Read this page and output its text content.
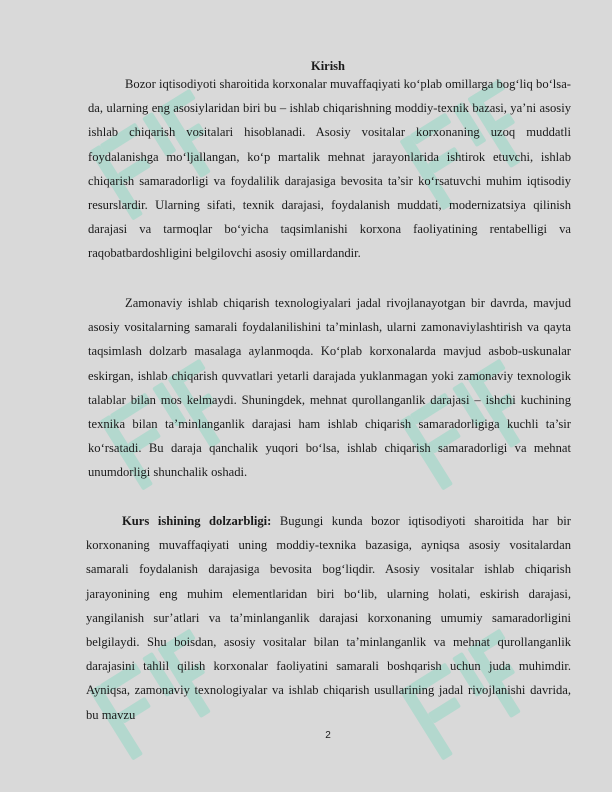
Kirish

Bozor iqtisodiyoti sharoitida korxonalar muvaffaqiyati ko‘plab omillarga bog‘liq bo‘lsa-da, ularning eng asosiylaridan biri bu – ishlab chiqarishning moddiy-texnik bazasi, ya’ni asosiy ishlab chiqarish vositalari hisoblanadi. Asosiy vositalar korxonaning uzoq muddatli foydalanishga mo‘ljallangan, ko‘p martalik mehnat jarayonlarida ishtirok etuvchi, ishlab chiqarish samaradorligi va foydalilik darajasiga bevosita ta’sir ko‘rsatuvchi muhim iqtisodiy resurslardir. Ularning sifati, texnik darajasi, foydalanish muddati, modernizatsiya qilinish darajasi va tarmoqlar bo‘yicha taqsimlanishi korxona faoliyatining rentabelligi va raqobatbardoshligini belgilovchi asosiy omillardandir.

Zamonaviy ishlab chiqarish texnologiyalari jadal rivojlanayotgan bir davrda, mavjud asosiy vositalarning samarali foydalanilishini ta’minlash, ularni zamonaviylashtirish va qayta taqsimlash dolzarb masalaga aylanmoqda. Ko‘plab korxonalarda mavjud asbob-uskunalar eskirgan, ishlab chiqarish quvvatlari yetarli darajada yuklanmagan yoki zamonaviy texnologik talablar bilan mos kelmaydi. Shuningdek, mehnat qurollanganlik darajasi – ishchi kuchining texnika bilan ta’minlanganlik darajasi ham ishlab chiqarish samaradorligiga kuchli ta’sir ko‘rsatadi. Bu daraja qanchalik yuqori bo‘lsa, ishlab chiqarish samaradorligi va mehnat unumdorligi shunchalik oshadi.

Kurs ishining dolzarbligi: Bugungi kunda bozor iqtisodiyoti sharoitida har bir korxonaning muvaffaqiyati uning moddiy-texnika bazasiga, ayniqsa asosiy vositalardan samarali foydalanish darajasiga bevosita bog‘liqdir. Asosiy vositalar ishlab chiqarish jarayonining eng muhim elementlaridan biri bo‘lib, ularning holati, eskirish darajasi, yangilanish sur’atlari va ta’minlanganlik darajasi korxonaning umumiy samaradorligini belgilaydi. Shu boisdan, asosiy vositalar bilan ta’minlanganlik va mehnat qurollanganlik darajasini tahlil qilish korxonalar faoliyatini samarali boshqarish uchun juda muhimdir. Ayniqsa, zamonaviy texnologiyalar va ishlab chiqarish usullarining jadal rivojlanishi davrida, bu mavzu

2
